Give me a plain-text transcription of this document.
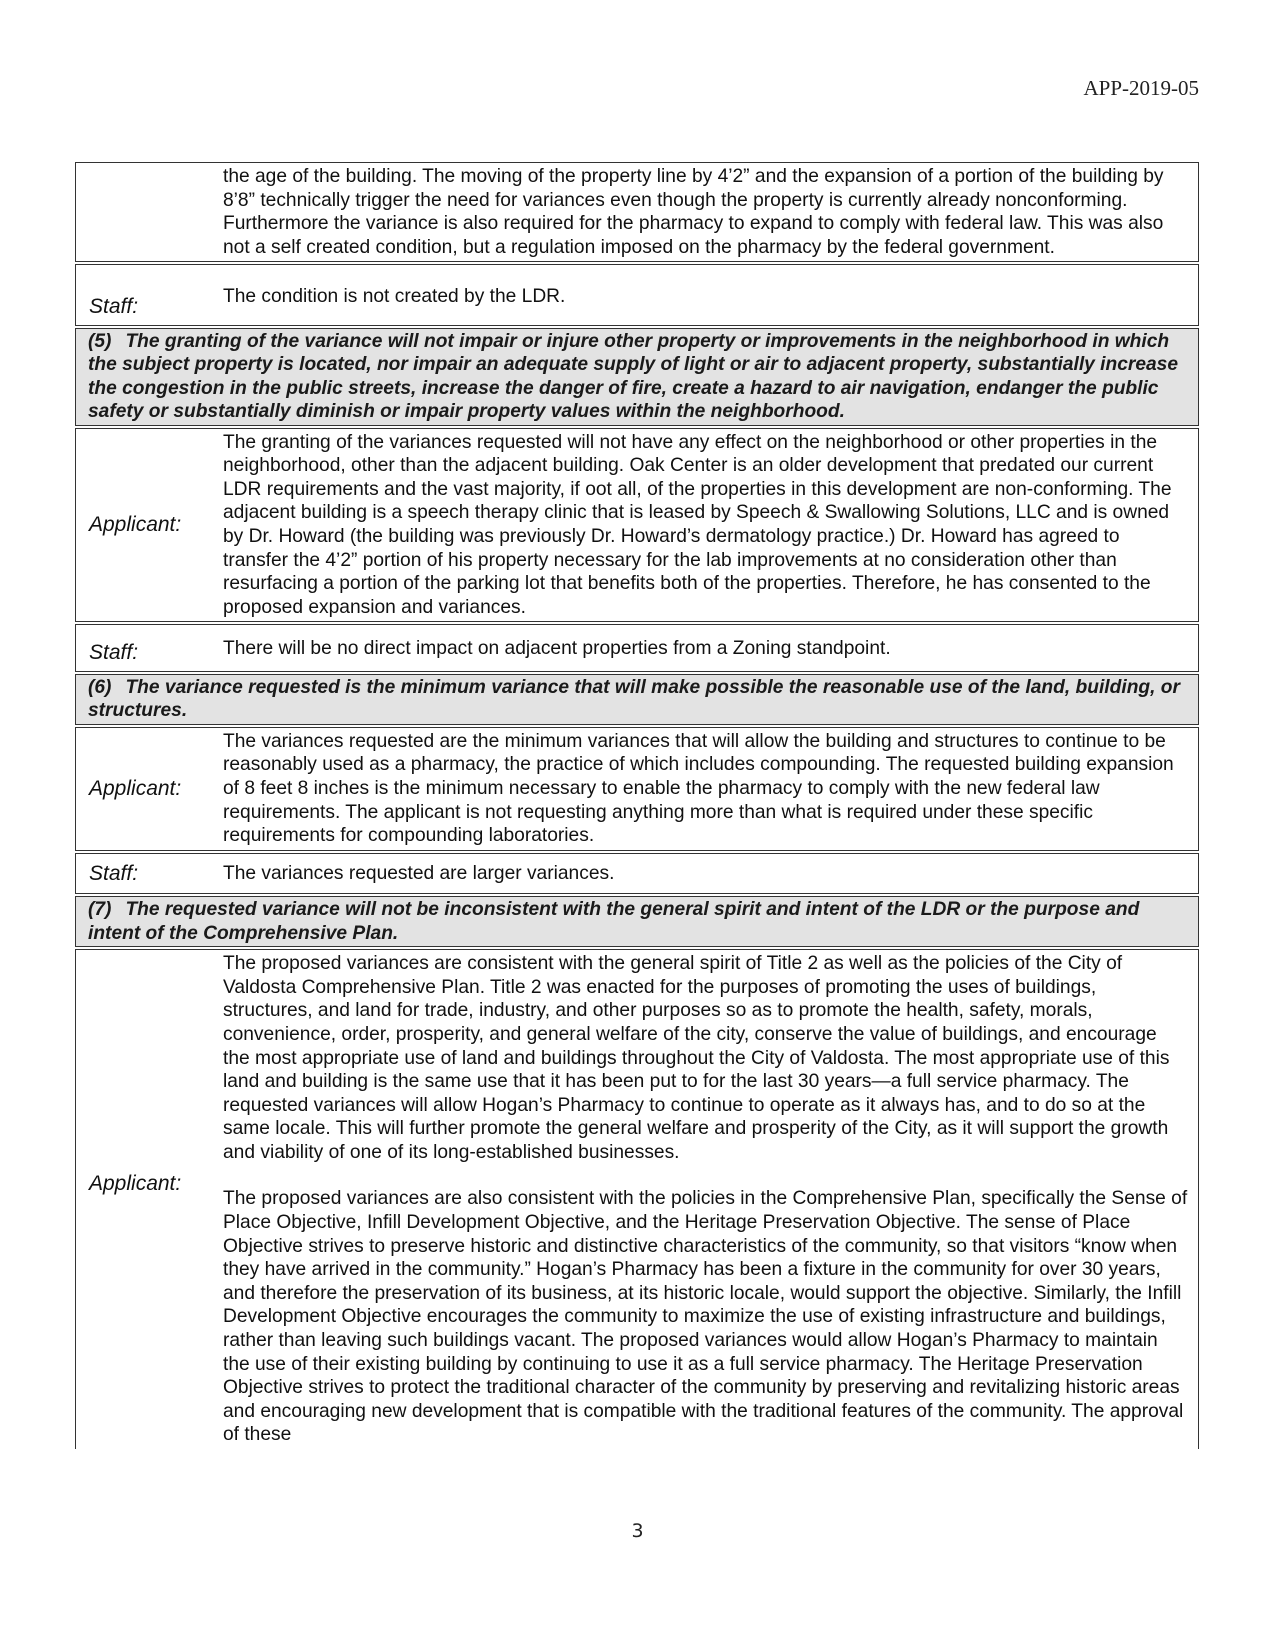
APP-2019-05
	the age of the building. The moving of the property line by 4’2” and the expansion of a portion of the building by 8’8” technically trigger the need for variances even though the property is currently already nonconforming. Furthermore the variance is also required for the pharmacy to expand to comply with federal law. This was also not a self created condition, but a regulation imposed on the pharmacy by the federal government.
Staff:	The condition is not created by the LDR.
(5) The granting of the variance will not impair or injure other property or improvements in the neighborhood in which the subject property is located, nor impair an adequate supply of light or air to adjacent property, substantially increase the congestion in the public streets, increase the danger of fire, create a hazard to air navigation, endanger the public safety or substantially diminish or impair property values within the neighborhood.	
Applicant:	The granting of the variances requested will not have any effect on the neighborhood or other properties in the neighborhood, other than the adjacent building. Oak Center is an older development that predated our current LDR requirements and the vast majority, if oot all, of the properties in this development are non-conforming. The adjacent building is a speech therapy clinic that is leased by Speech & Swallowing Solutions, LLC and is owned by Dr. Howard (the building was previously Dr. Howard’s dermatology practice.) Dr. Howard has agreed to transfer the 4’2” portion of his property necessary for the lab improvements at no consideration other than resurfacing a portion of the parking lot that benefits both of the properties. Therefore, he has consented to the proposed expansion and variances.
Staff:	There will be no direct impact on adjacent properties from a Zoning standpoint.
(6) The variance requested is the minimum variance that will make possible the reasonable use of the land, building, or structures.	
Applicant:	The variances requested are the minimum variances that will allow the building and structures to continue to be reasonably used as a pharmacy, the practice of which includes compounding. The requested building expansion of 8 feet 8 inches is the minimum necessary to enable the pharmacy to comply with the new federal law requirements. The applicant is not requesting anything more than what is required under these specific requirements for compounding laboratories.
Staff:	The variances requested are larger variances.
(7) The requested variance will not be inconsistent with the general spirit and intent of the LDR or the purpose and intent of the Comprehensive Plan.	
Applicant:	The proposed variances are consistent with the general spirit of Title 2 as well as the policies of the City of Valdosta Comprehensive Plan. Title 2 was enacted for the purposes of promoting the uses of buildings, structures, and land for trade, industry, and other purposes so as to promote the health, safety, morals, convenience, order, prosperity, and general welfare of the city, conserve the value of buildings, and encourage the most appropriate use of land and buildings throughout the City of Valdosta. The most appropriate use of this land and building is the same use that it has been put to for the last 30 years—a full service pharmacy. The requested variances will allow Hogan’s Pharmacy to continue to operate as it always has, and to do so at the same locale. This will further promote the general welfare and prosperity of the City, as it will support the growth and viability of one of its long-established businesses.

The proposed variances are also consistent with the policies in the Comprehensive Plan, specifically the Sense of Place Objective, Infill Development Objective, and the Heritage Preservation Objective. The sense of Place Objective strives to preserve historic and distinctive characteristics of the community, so that visitors “know when they have arrived in the community.” Hogan’s Pharmacy has been a fixture in the community for over 30 years, and therefore the preservation of its business, at its historic locale, would support the objective. Similarly, the Infill Development Objective encourages the community to maximize the use of existing infrastructure and buildings, rather than leaving such buildings vacant. The proposed variances would allow Hogan’s Pharmacy to maintain the use of their existing building by continuing to use it as a full service pharmacy. The Heritage Preservation Objective strives to protect the traditional character of the community by preserving and revitalizing historic areas and encouraging new development that is compatible with the traditional features of the community. The approval of these

3
